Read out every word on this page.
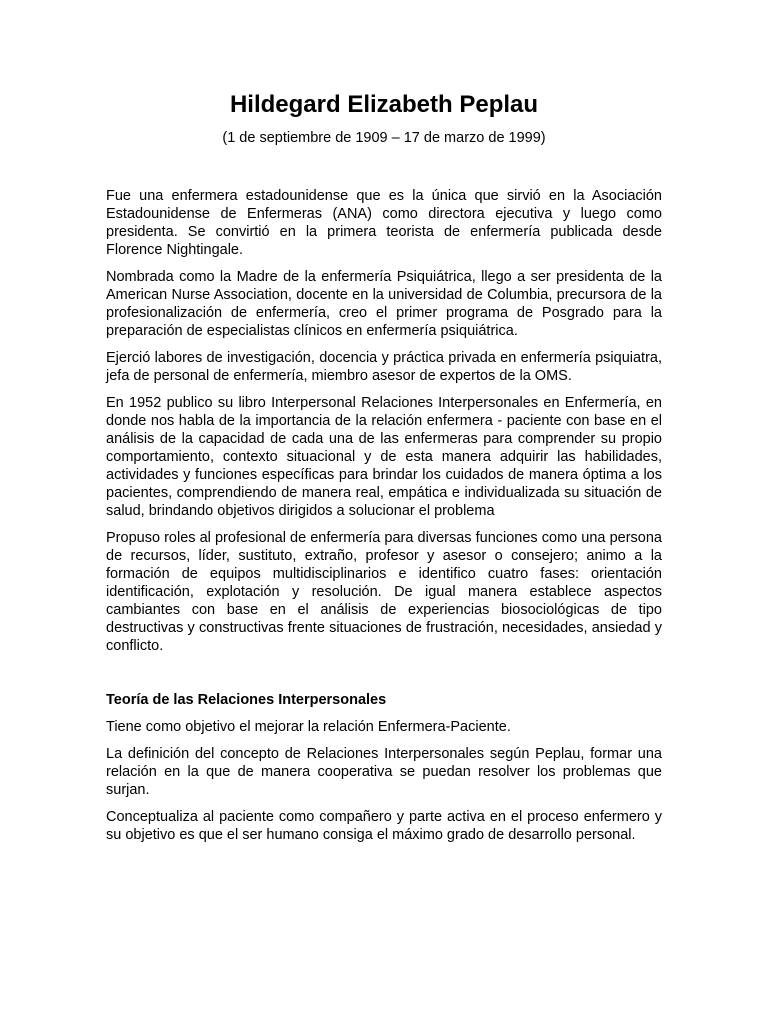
Hildegard Elizabeth Peplau

(1 de septiembre de 1909 – 17 de marzo de 1999)

Fue una enfermera estadounidense que es la única que sirvió en la Asociación Estadounidense de Enfermeras (ANA) como directora ejecutiva y luego como presidenta. Se convirtió en la primera teorista de enfermería publicada desde Florence Nightingale.

Nombrada como la Madre de la enfermería Psiquiátrica, llego a ser presidenta de la American Nurse Association, docente en la universidad de Columbia, precursora de la profesionalización de enfermería, creo el primer programa de Posgrado para la preparación de especialistas clínicos en enfermería psiquiátrica.

Ejerció labores de investigación, docencia y práctica privada en enfermería psiquiatra, jefa de personal de enfermería, miembro asesor de expertos de la OMS.

En 1952 publico su libro Interpersonal Relaciones Interpersonales en Enfermería, en donde nos habla de la importancia de la relación enfermera - paciente con base en el análisis de la capacidad de cada una de las enfermeras para comprender su propio comportamiento, contexto situacional y de esta manera adquirir las habilidades, actividades y funciones específicas para brindar los cuidados de manera óptima a los pacientes, comprendiendo de manera real, empática e individualizada su situación de salud, brindando objetivos dirigidos a solucionar el problema

Propuso roles al profesional de enfermería para diversas funciones como una persona de recursos, líder, sustituto, extraño, profesor y asesor o consejero; animo a la formación de equipos multidisciplinarios e identifico cuatro fases: orientación identificación, explotación y resolución. De igual manera establece aspectos cambiantes con base en el análisis de experiencias biosociológicas de tipo destructivas y constructivas frente situaciones de frustración, necesidades, ansiedad y conflicto.

Teoría de las Relaciones Interpersonales

Tiene como objetivo el mejorar la relación Enfermera-Paciente.

La definición del concepto de Relaciones Interpersonales según Peplau, formar una relación en la que de manera cooperativa se puedan resolver los problemas que surjan.

Conceptualiza al paciente como compañero y parte activa en el proceso enfermero y su objetivo es que el ser humano consiga el máximo grado de desarrollo personal.
